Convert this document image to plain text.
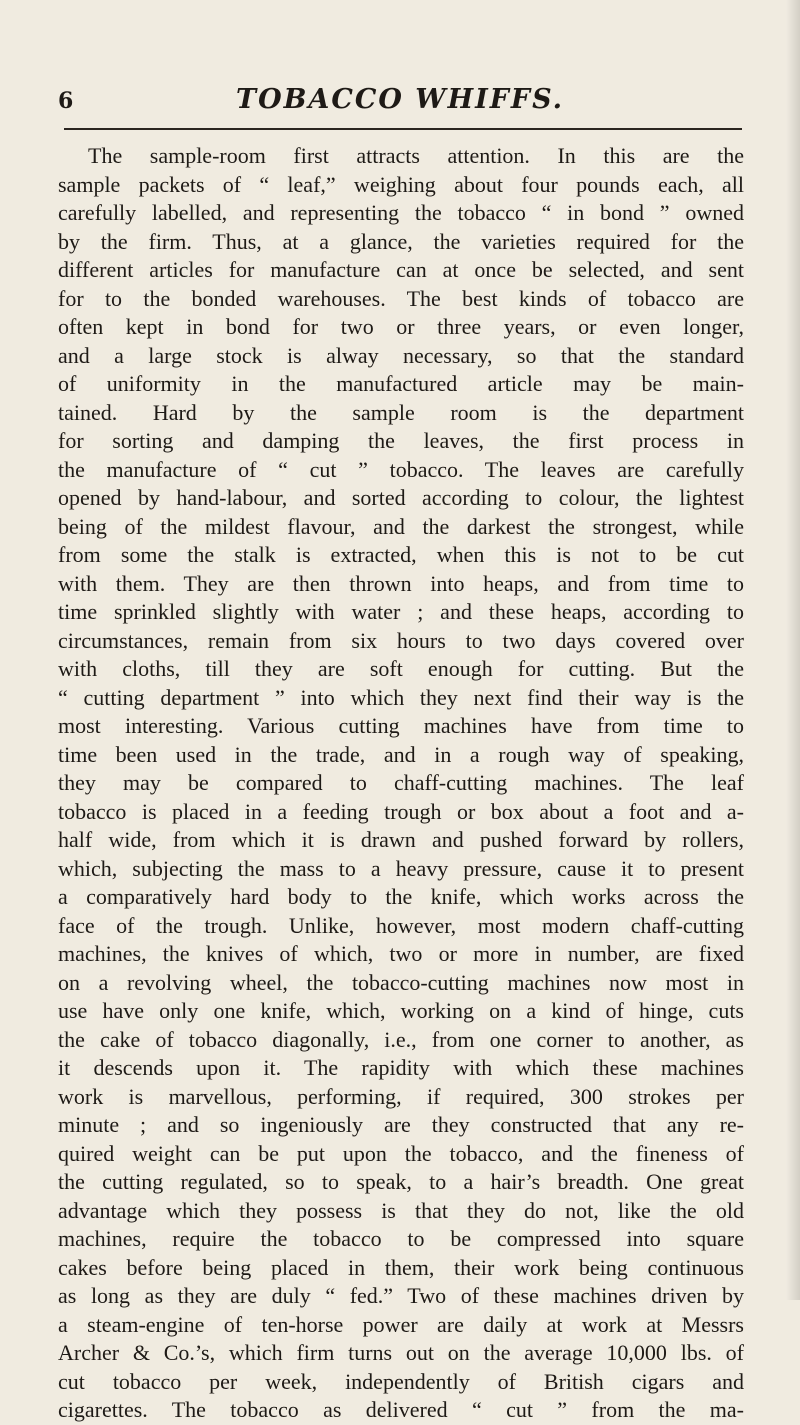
6	TOBACCO WHIFFS.
The sample-room first attracts attention. In this are the
sample packets of “ leaf,” weighing about four pounds each, all
carefully labelled, and representing the tobacco “ in bond ” owned
by the firm. Thus, at a glance, the varieties required for the
different articles for manufacture can at once be selected, and sent
for to the bonded warehouses. The best kinds of tobacco are
often kept in bond for two or three years, or even longer,
and a large stock is alway necessary, so that the standard
of uniformity in the manufactured article may be main-
tained. Hard by the sample room is the department
for sorting and damping the leaves, the first process in
the manufacture of “ cut ” tobacco. The leaves are carefully
opened by hand-labour, and sorted according to colour, the lightest
being of the mildest flavour, and the darkest the strongest, while
from some the stalk is extracted, when this is not to be cut
with them. They are then thrown into heaps, and from time to
time sprinkled slightly with water ; and these heaps, according to
circumstances, remain from six hours to two days covered over
with cloths, till they are soft enough for cutting. But the
“ cutting department ” into which they next find their way is the
most interesting. Various cutting machines have from time to
time been used in the trade, and in a rough way of speaking,
they may be compared to chaff-cutting machines. The leaf
tobacco is placed in a feeding trough or box about a foot and a-
half wide, from which it is drawn and pushed forward by rollers,
which, subjecting the mass to a heavy pressure, cause it to present
a comparatively hard body to the knife, which works across the
face of the trough. Unlike, however, most modern chaff-cutting
machines, the knives of which, two or more in number, are fixed
on a revolving wheel, the tobacco-cutting machines now most in
use have only one knife, which, working on a kind of hinge, cuts
the cake of tobacco diagonally, i.e., from one corner to another, as
it descends upon it. The rapidity with which these machines
work is marvellous, performing, if required, 300 strokes per
minute ; and so ingeniously are they constructed that any re-
quired weight can be put upon the tobacco, and the fineness of
the cutting regulated, so to speak, to a hair’s breadth. One great
advantage which they possess is that they do not, like the old
machines, require the tobacco to be compressed into square
cakes before being placed in them, their work being continuous
as long as they are duly “ fed.” Two of these machines driven by
a steam-engine of ten-horse power are daily at work at Messrs
Archer & Co.’s, which firm turns out on the average 10,000 lbs. of
cut tobacco per week, independently of British cigars and
cigarettes. The tobacco as delivered “ cut ” from the ma-
